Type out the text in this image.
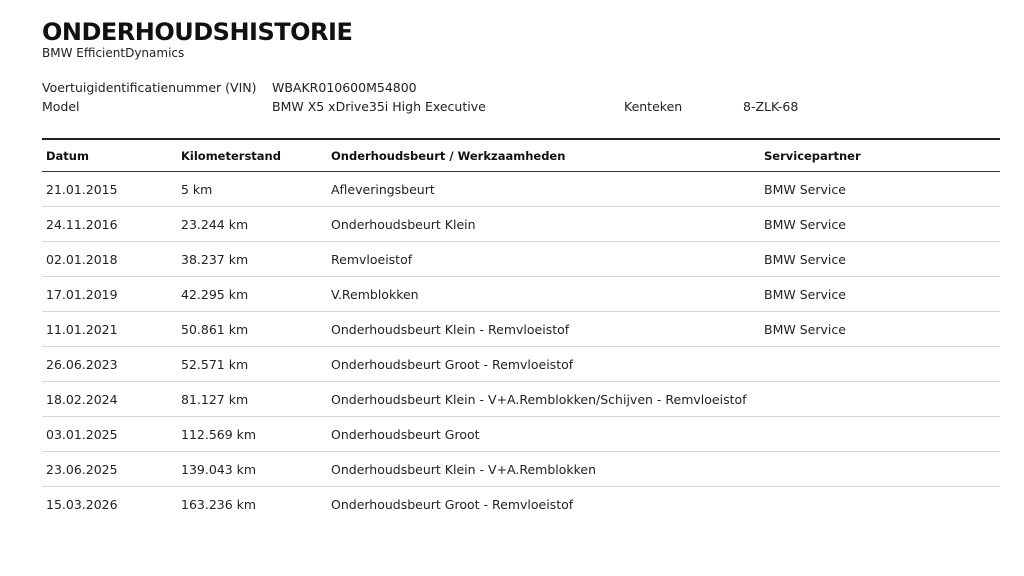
ONDERHOUDSHISTORIE
BMW EfficientDynamics
Voertuigidentificatienummer (VIN) WBAKR010600M54800
Model	BMW X5 xDrive35i High Executive	Kenteken	8-ZLK-68
Datum	Kilometerstand	Onderhoudsbeurt / Werkzaamheden	Servicepartner
21.01.2015	5 km	Afleveringsbeurt	BMW Service
24.11.2016	23.244 km	Onderhoudsbeurt Klein	BMW Service
02.01.2018	38.237 km	Remvloeistof	BMW Service
17.01.2019	42.295 km	V.Remblokken	BMW Service
11.01.2021	50.861 km	Onderhoudsbeurt Klein - Remvloeistof	BMW Service
26.06.2023	52.571 km	Onderhoudsbeurt Groot - Remvloeistof
18.02.2024	81.127 km	Onderhoudsbeurt Klein - V+A.Remblokken/Schijven - Remvloeistof
03.01.2025	112.569 km	Onderhoudsbeurt Groot
23.06.2025	139.043 km	Onderhoudsbeurt Klein - V+A.Remblokken
15.03.2026	163.236 km	Onderhoudsbeurt Groot - Remvloeistof
